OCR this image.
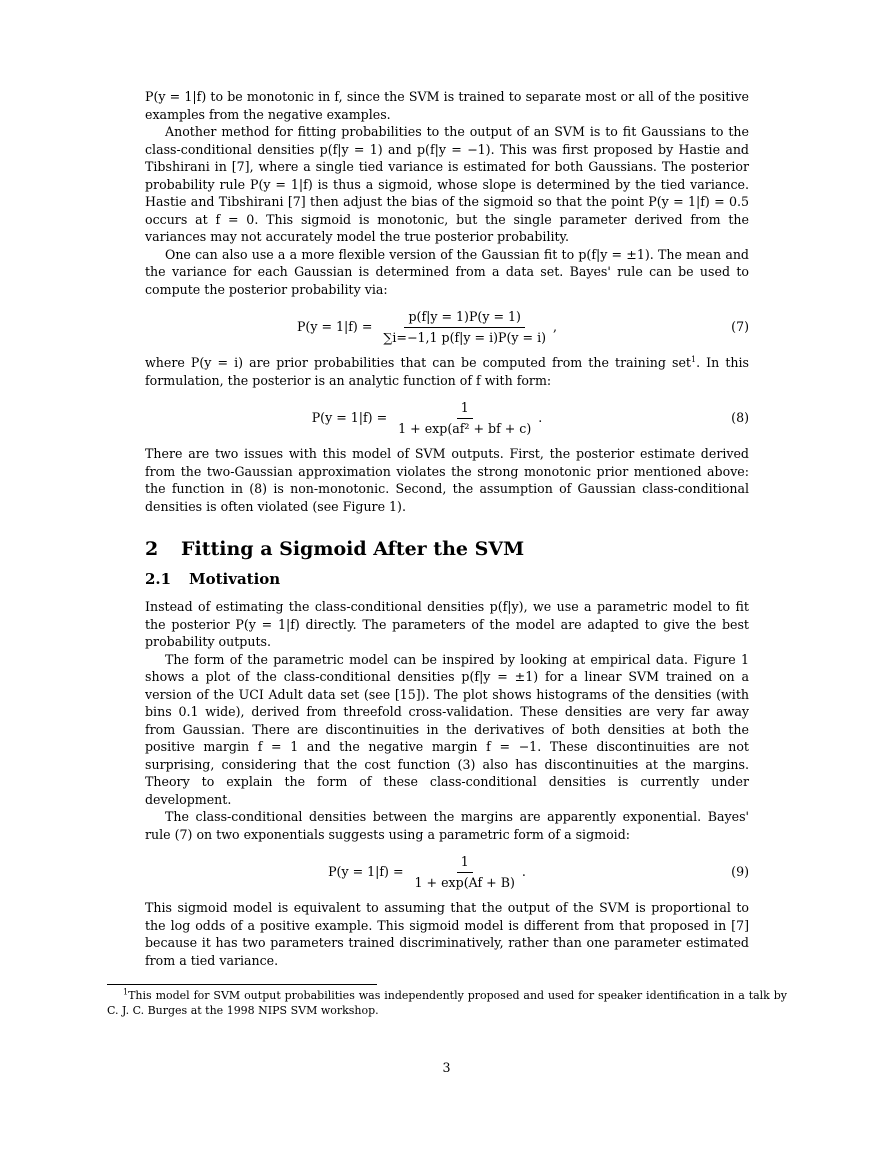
P(y = 1|f) to be monotonic in f, since the SVM is trained to separate most or all of the positive examples from the negative examples.

Another method for fitting probabilities to the output of an SVM is to fit Gaussians to the class-conditional densities p(f|y = 1) and p(f|y = −1). This was first proposed by Hastie and Tibshirani in [7], where a single tied variance is estimated for both Gaussians. The posterior probability rule P(y = 1|f) is thus a sigmoid, whose slope is determined by the tied variance. Hastie and Tibshirani [7] then adjust the bias of the sigmoid so that the point P(y = 1|f) = 0.5 occurs at f = 0. This sigmoid is monotonic, but the single parameter derived from the variances may not accurately model the true posterior probability.

One can also use a a more flexible version of the Gaussian fit to p(f|y = ±1). The mean and the variance for each Gaussian is determined from a data set. Bayes' rule can be used to compute the posterior probability via:

$P(y = 1|f) = \frac{p(f|y = 1)P(y = 1)}{\sum i=-1,1 p(f|y = i)P(y = i)}$ ,	(7)

where P(y = i) are prior probabilities that can be computed from the training set$^1$. In this formulation, the posterior is an analytic function of f with form:

$P(y = 1|f) = \frac{1}{\text{1 + exp(af² + bf + c)}}$ .	(8)

There are two issues with this model of SVM outputs. First, the posterior estimate derived from the two-Gaussian approximation violates the strong monotonic prior mentioned above: the function in (8) is non-monotonic. Second, the assumption of Gaussian class-conditional densities is often violated (see Figure 1).

2	Fitting a Sigmoid After the SVM
2.1	Motivation

Instead of estimating the class-conditional densities p(f|y), we use a parametric model to fit the posterior P(y = 1|f) directly. The parameters of the model are adapted to give the best probability outputs.

The form of the parametric model can be inspired by looking at empirical data. Figure 1 shows a plot of the class-conditional densities p(f|y = ±1) for a linear SVM trained on a version of the UCI Adult data set (see [15]). The plot shows histograms of the densities (with bins 0.1 wide), derived from threefold cross-validation. These densities are very far away from Gaussian. There are discontinuities in the derivatives of both densities at both the positive margin f = 1 and the negative margin f = −1. These discontinuities are not surprising, considering that the cost function (3) also has discontinuities at the margins. Theory to explain the form of these class-conditional densities is currently under development.

The class-conditional densities between the margins are apparently exponential. Bayes' rule (7) on two exponentials suggests using a parametric form of a sigmoid:

$P(y = 1|f) = \frac{1}{1 + \exp(Af + B)}$ .	(9)

This sigmoid model is equivalent to assuming that the output of the SVM is proportional to the log odds of a positive example. This sigmoid model is different from that proposed in [7] because it has two parameters trained discriminatively, rather than one parameter estimated from a tied variance.

$^1$This model for SVM output probabilities was independently proposed and used for speaker identification in a talk by C. J. C. Burges at the 1998 NIPS SVM workshop.
3
